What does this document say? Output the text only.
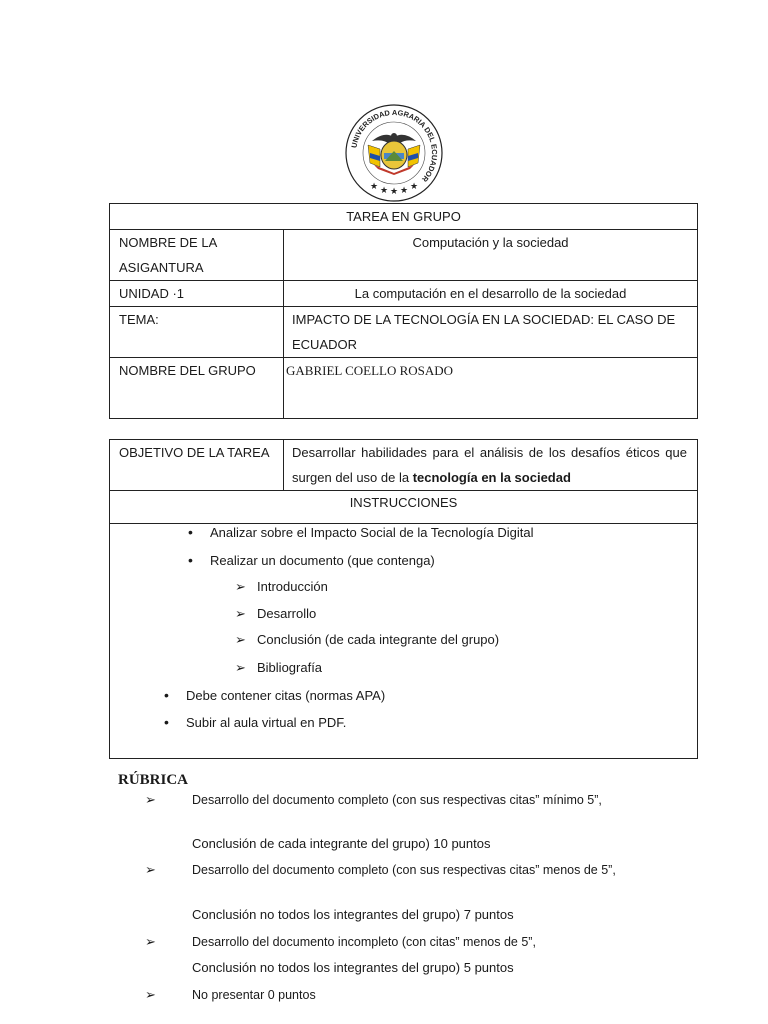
UNIVERSIDAD AGRARIA DEL ECUADOR
★ ★ ★ ★ ★
TAREA EN GRUPO	

NOMBRE DE LA
ASIGANTURA	Computación y la sociedad
UNIDAD ·1	La computación en el desarrollo de la sociedad
TEMA:	IMPACTO DE LA TECNOLOGÍA EN LA SOCIEDAD: EL CASO DE ECUADOR
NOMBRE DEL GRUPO	GABRIEL COELLO ROSADO
OBJETIVO DE LA TAREA	Desarrollar habilidades para el análisis de los desafíos éticos que surgen del uso de la tecnología en la sociedad
INSTRUCCIONES

• Analizar sobre el Impacto Social de la Tecnología Digital
• Realizar un documento (que contenga)
➢ Introducción
➢ Desarrollo
➢ Conclusión (de cada integrante del grupo)
➢ Bibliografía
• Debe contener citas (normas APA)
• Subir al aula virtual en PDF.
RÚBRICA
➢	Desarrollo del documento completo (con sus respectivas citas” mínimo 5”,
Conclusión de cada integrante del grupo) 10 puntos
➢	Desarrollo del documento completo (con sus respectivas citas” menos de 5”,
Conclusión no todos los integrantes del grupo) 7 puntos
➢	Desarrollo del documento incompleto (con citas” menos de 5”,
Conclusión no todos los integrantes del grupo) 5 puntos
➢	No presentar 0 puntos
